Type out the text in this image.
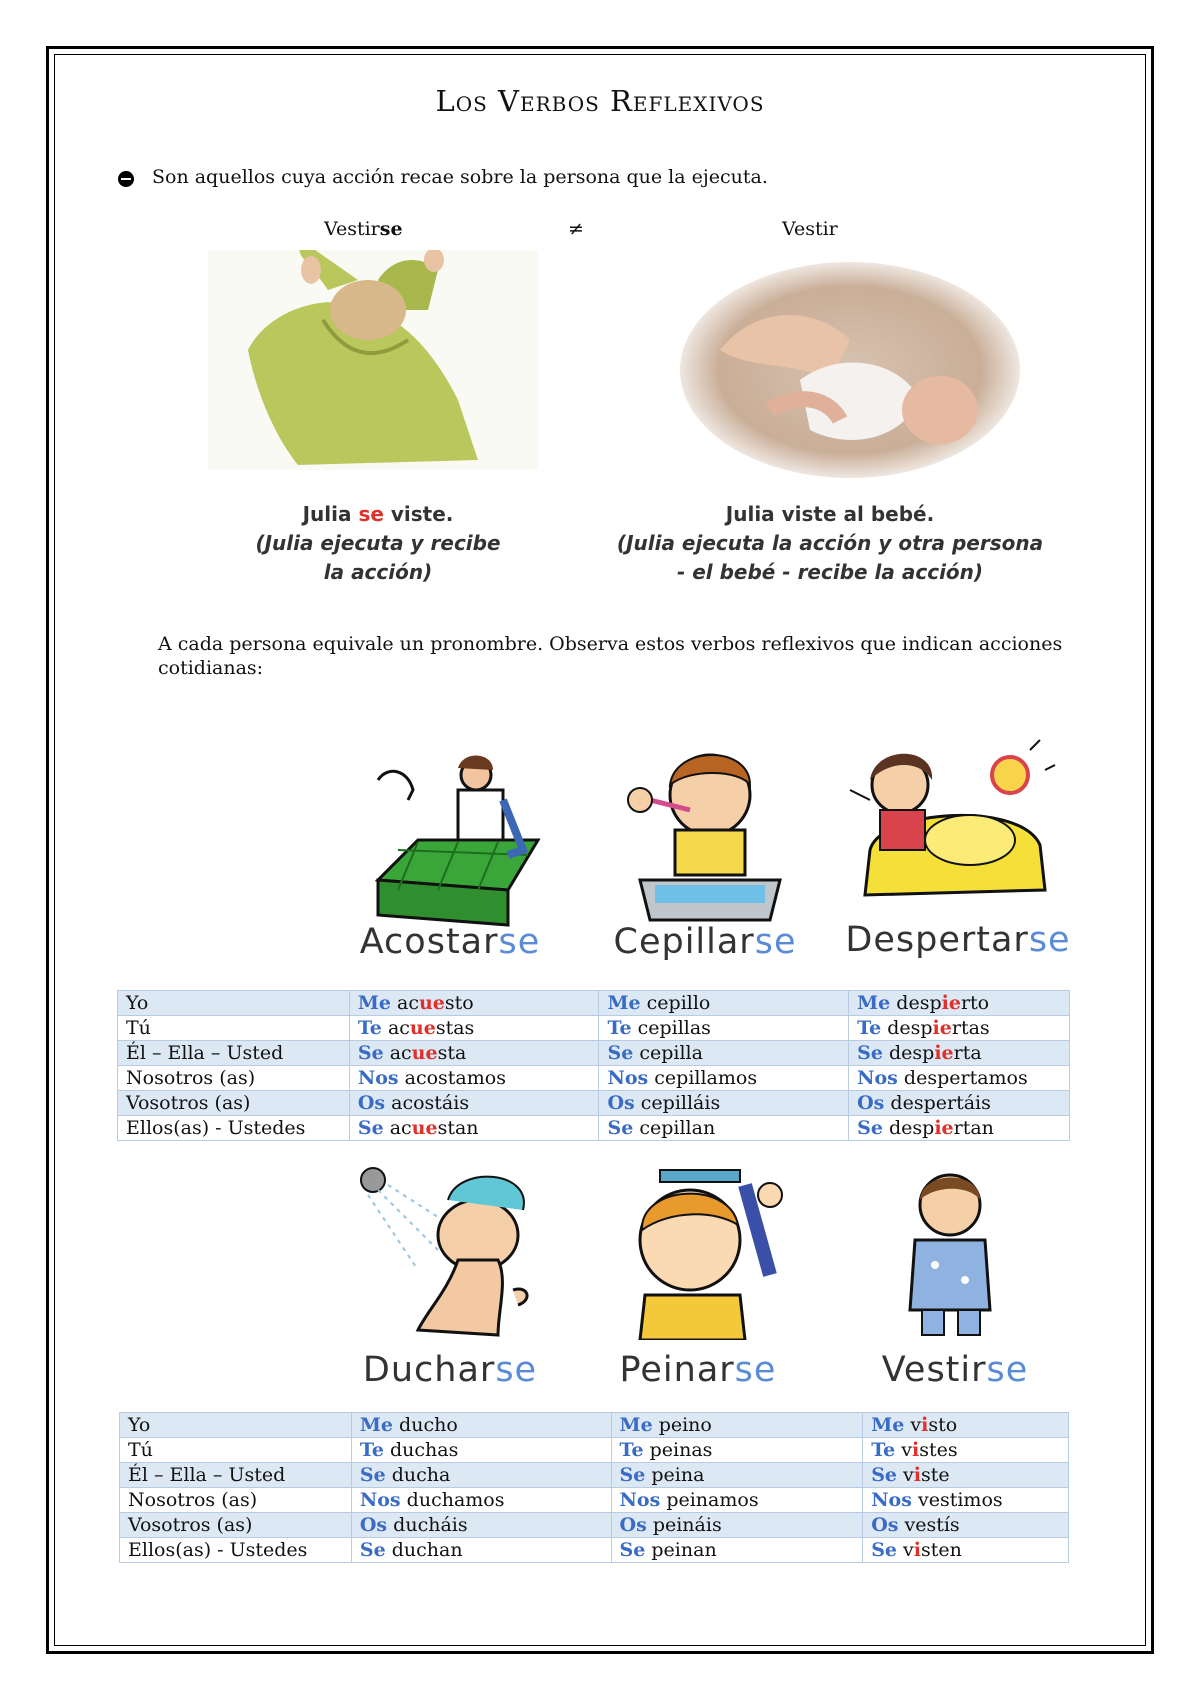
Los Verbos Reflexivos
Son aquellos cuya acción recae sobre la persona que la ejecuta.
Vestirse	≠	Vestir
Julia se viste.
(Julia ejecuta y recibe
la acción)
Julia viste al bebé.
(Julia ejecuta la acción y otra persona
- el bebé - recibe la acción)
A cada persona equivale un pronombre. Observa estos verbos reflexivos que indican acciones cotidianas:
Acostarse	Cepillarse	Despertarse
Yo	Me acuesto	Me cepillo	Me despierto
Tú	Te acuestas	Te cepillas	Te despiertas
Él – Ella – Usted	Se acuesta	Se cepilla	Se despierta
Nosotros (as)	Nos acostamos	Nos cepillamos	Nos despertamos
Vosotros (as)	Os acostáis	Os cepilláis	Os despertáis
Ellos(as) - Ustedes	Se acuestan	Se cepillan	Se despiertan
Ducharse	Peinarse	Vestirse
Yo	Me ducho	Me peino	Me visto
Tú	Te duchas	Te peinas	Te vistes
Él – Ella – Usted	Se ducha	Se peina	Se viste
Nosotros (as)	Nos duchamos	Nos peinamos	Nos vestimos
Vosotros (as)	Os ducháis	Os peináis	Os vestís
Ellos(as) - Ustedes	Se duchan	Se peinan	Se visten
